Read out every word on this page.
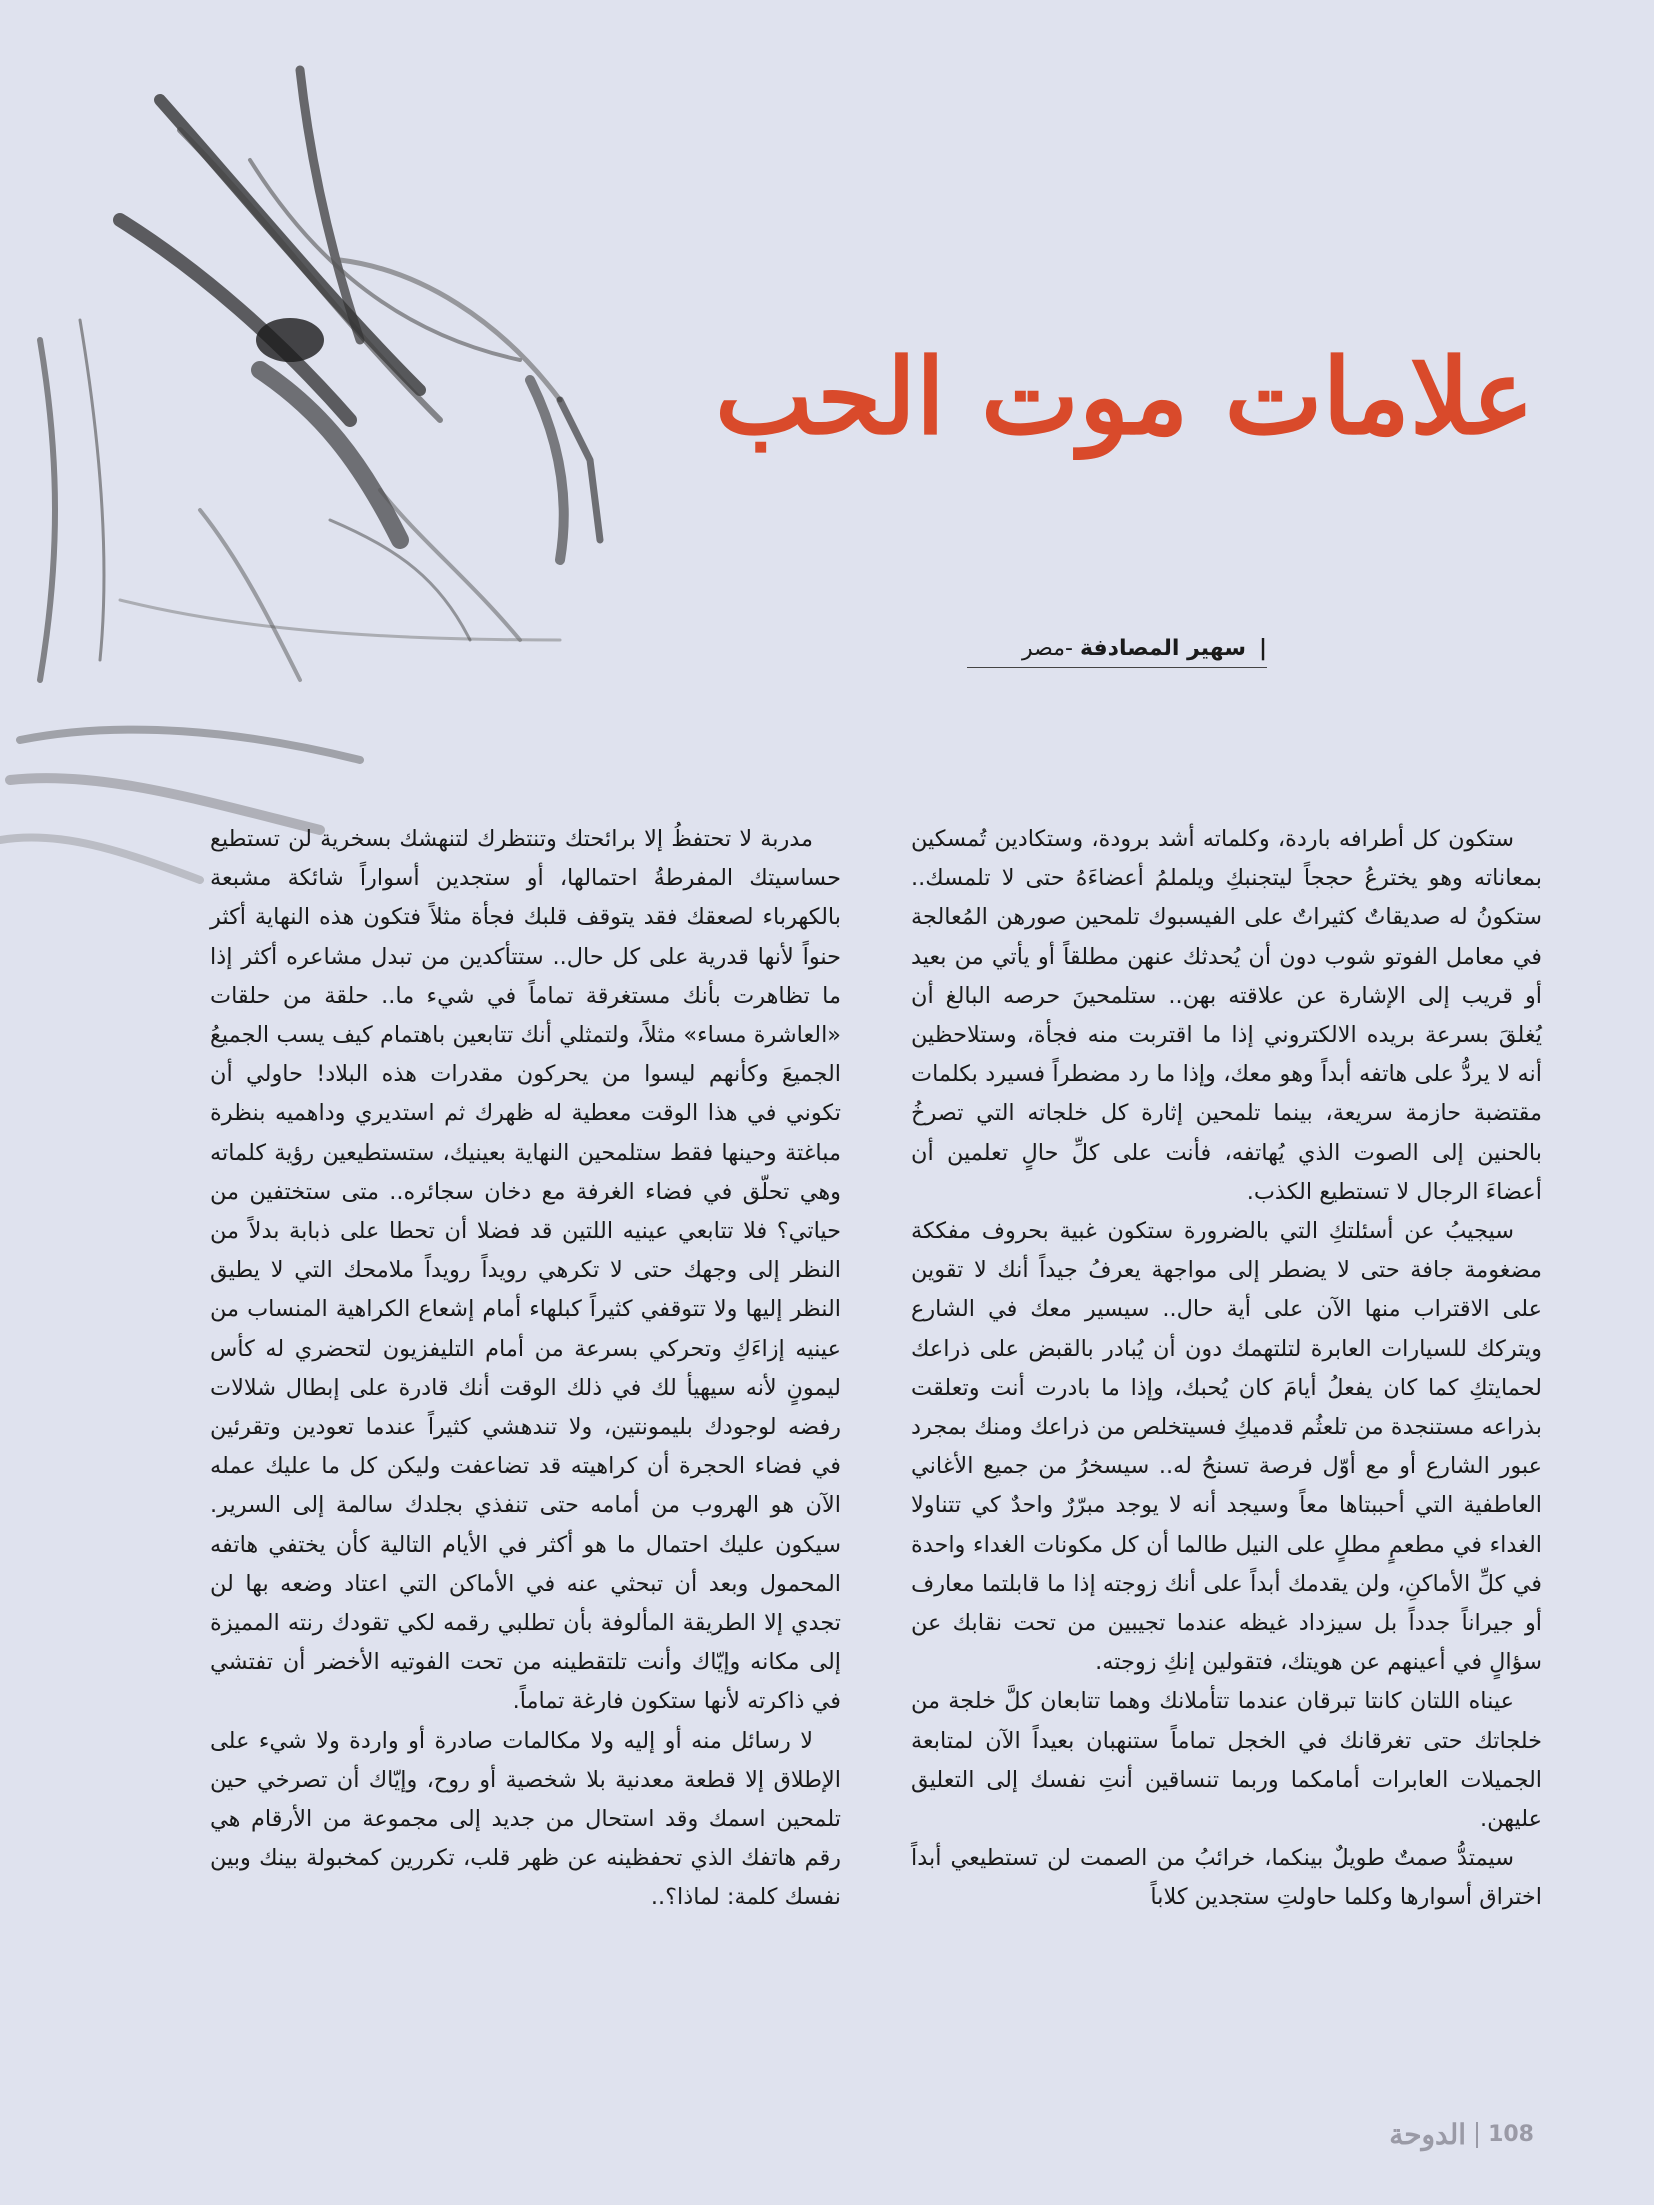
علامات موت الحب
| سهير المصادفة -مصر

ستكون كل أطرافه باردة، وكلماته أشد برودة، وستكادين تُمسكين بمعاناته وهو يخترعُ حججاً ليتجنبكِ ويلملمُ أعضاءَهُ حتى لا تلمسك.. ستكونُ له صديقاتٌ كثيراتٌ على الفيسبوك تلمحين صورهن المُعالجة في معامل الفوتو شوب دون أن يُحدثك عنهن مطلقاً أو يأتي من بعيد أو قريب إلى الإشارة عن علاقته بهن.. ستلمحينَ حرصه البالغ أن يُغلقَ بسرعة بريده الالكتروني إذا ما اقتربت منه فجأة، وستلاحظين أنه لا يردُّ على هاتفه أبداً وهو معك، وإذا ما رد مضطراً فسيرد بكلمات مقتضبة حازمة سريعة، بينما تلمحين إثارة كل خلجاته التي تصرخُ بالحنين إلى الصوت الذي يُهاتفه، فأنت على كلِّ حالٍ تعلمين أن أعضاءَ الرجال لا تستطيع الكذب.

سيجيبُ عن أسئلتكِ التي بالضرورة ستكون غبية بحروف مفككة مضغومة جافة حتى لا يضطر إلى مواجهة يعرفُ جيداً أنك لا تقوين على الاقتراب منها الآن على أية حال.. سيسير معك في الشارع ويتركك للسيارات العابرة لتلتهمك دون أن يُبادر بالقبض على ذراعك لحمايتكِ كما كان يفعلُ أيامَ كان يُحبك، وإذا ما بادرت أنت وتعلقت بذراعه مستنجدة من تلعثُم قدميكِ فسيتخلص من ذراعك ومنك بمجرد عبور الشارع أو مع أوّل فرصة تسنحُ له.. سيسخرُ من جميع الأغاني العاطفية التي أحببتاها معاً وسيجد أنه لا يوجد مبرّرٌ واحدٌ كي تتناولا الغداء في مطعمٍ مطلٍ على النيل طالما أن كل مكونات الغداء واحدة في كلِّ الأماكنِ، ولن يقدمك أبداً على أنك زوجته إذا ما قابلتما معارف أو جيراناً جدداً بل سيزداد غيظه عندما تجيبين من تحت نقابك عن سؤالٍ في أعينهم عن هويتك، فتقولين إنكِ زوجته.

عيناه اللتان كانتا تبرقان عندما تتأملانك وهما تتابعان كلَّ خلجة من خلجاتك حتى تغرقانك في الخجل تماماً ستنهبان بعيداً الآن لمتابعة الجميلات العابرات أمامكما وربما تنساقين أنتِ نفسك إلى التعليق عليهن.

سيمتدُّ صمتٌ طويلٌ بينكما، خرائبُ من الصمت لن تستطيعي أبداً اختراق أسوارها وكلما حاولتِ ستجدين كلاباً

مدربة لا تحتفظُ إلا برائحتك وتنتظرك لتنهشك بسخرية لن تستطيع حساسيتك المفرطةُ احتمالها، أو ستجدين أسواراً شائكة مشبعة بالكهرباء لصعقك فقد يتوقف قلبك فجأة مثلاً فتكون هذه النهاية أكثر حنواً لأنها قدرية على كل حال.. ستتأكدين من تبدل مشاعره أكثر إذا ما تظاهرت بأنك مستغرقة تماماً في شيء ما.. حلقة من حلقات «العاشرة مساء» مثلاً، ولتمثلي أنك تتابعين باهتمام كيف يسب الجميعُ الجميعَ وكأنهم ليسوا من يحركون مقدرات هذه البلاد! حاولي أن تكوني في هذا الوقت معطية له ظهرك ثم استديري وداهميه بنظرة مباغتة وحينها فقط ستلمحين النهاية بعينيك، ستستطيعين رؤية كلماته وهي تحلّق في فضاء الغرفة مع دخان سجائره.. متى ستختفين من حياتي؟ فلا تتابعي عينيه اللتين قد فضلا أن تحطا على ذبابة بدلاً من النظر إلى وجهك حتى لا تكرهي رويداً رويداً ملامحك التي لا يطيق النظر إليها ولا تتوقفي كثيراً كبلهاء أمام إشعاع الكراهية المنساب من عينيه إزاءَكِ وتحركي بسرعة من أمام التليفزيون لتحضري له كأس ليمونٍ لأنه سيهيأ لك في ذلك الوقت أنك قادرة على إبطال شلالات رفضه لوجودك بليمونتين، ولا تندهشي كثيراً عندما تعودين وتقرئين في فضاء الحجرة أن كراهيته قد تضاعفت وليكن كل ما عليك عمله الآن هو الهروب من أمامه حتى تنفذي بجلدك سالمة إلى السرير. سيكون عليك احتمال ما هو أكثر في الأيام التالية كأن يختفي هاتفه المحمول وبعد أن تبحثي عنه في الأماكن التي اعتاد وضعه بها لن تجدي إلا الطريقة المألوفة بأن تطلبي رقمه لكي تقودك رنته المميزة إلى مكانه وإيّاك وأنت تلتقطينه من تحت الفوتيه الأخضر أن تفتشي في ذاكرته لأنها ستكون فارغة تماماً.

لا رسائل منه أو إليه ولا مكالمات صادرة أو واردة ولا شيء على الإطلاق إلا قطعة معدنية بلا شخصية أو روح، وإيّاك أن تصرخي حين تلمحين اسمك وقد استحال من جديد إلى مجموعة من الأرقام هي رقم هاتفك الذي تحفظينه عن ظهر قلب، تكررين كمخبولة بينك وبين نفسك كلمة: لماذا؟..

108
الدوحة
